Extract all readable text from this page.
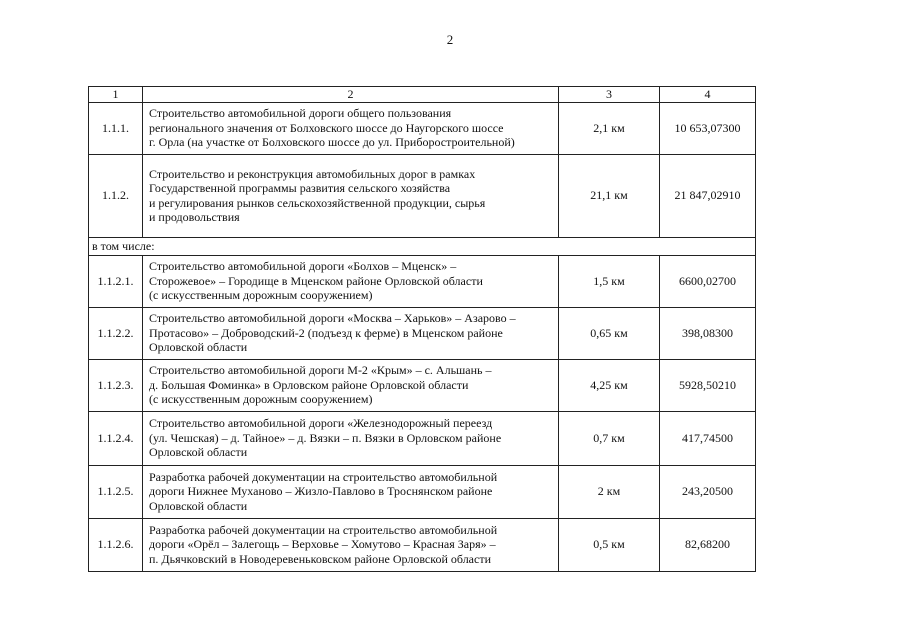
2
1	2	3	4
1.1.1.	Строительство автомобильной дороги общего пользования
регионального значения от Болховского шоссе до Наугорского шоссе
г. Орла (на участке от Болховского шоссе до ул. Приборостроительной)	2,1 км	10 653,07300
1.1.2.	Строительство и реконструкция автомобильных дорог в рамках
Государственной программы развития сельского хозяйства
и регулирования рынков сельскохозяйственной продукции, сырья
и продовольствия	21,1 км	21 847,02910
в том числе:			
1.1.2.1.	Строительство автомобильной дороги «Болхов – Мценск» –
Сторожевое» – Городище в Мценском районе Орловской области
(с искусственным дорожным сооружением)	1,5 км	6600,02700
1.1.2.2.	Строительство автомобильной дороги «Москва – Харьков» – Азарово –
Протасово» – Доброводский-2 (подъезд к ферме) в Мценском районе
Орловской области	0,65 км	398,08300
1.1.2.3.	Строительство автомобильной дороги М-2 «Крым» – с. Альшань –
д. Большая Фоминка» в Орловском районе Орловской области
(с искусственным дорожным сооружением)	4,25 км	5928,50210
1.1.2.4.	Строительство автомобильной дороги «Железнодорожный переезд
(ул. Чешская) – д. Тайное» – д. Вязки – п. Вязки в Орловском районе
Орловской области	0,7 км	417,74500
1.1.2.5.	Разработка рабочей документации на строительство автомобильной
дороги Нижнее Муханово – Жизло-Павлово в Троснянском районе
Орловской области	2 км	243,20500
1.1.2.6.	Разработка рабочей документации на строительство автомобильной
дороги «Орёл – Залегощь – Верховье – Хомутово – Красная Заря» –
п. Дьячковский в Новодеревеньковском районе Орловской области	0,5 км	82,68200
